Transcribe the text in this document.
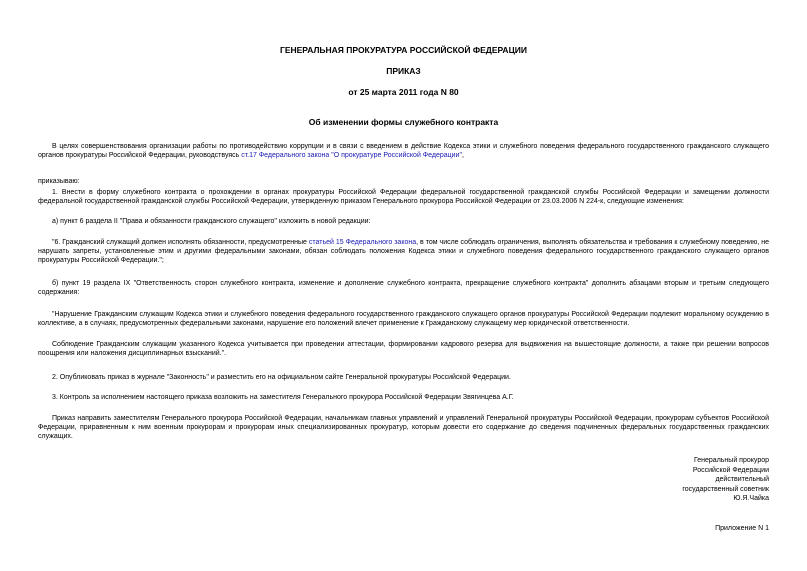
ГЕНЕРАЛЬНАЯ ПРОКУРАТУРА РОССИЙСКОЙ ФЕДЕРАЦИИ
ПРИКАЗ
от 25 марта 2011 года N 80
Об изменении формы служебного контракта

В целях совершенствования организации работы по противодействию коррупции и в связи с введением в действие Кодекса этики и служебного поведения федерального государственного гражданского служащего органов прокуратуры Российской Федерации, руководствуясь ст.17 Федерального закона "О прокуратуре Российской Федерации",

приказываю:

1. Внести в форму служебного контракта о прохождении в органах прокуратуры Российской Федерации федеральной государственной гражданской службы Российской Федерации и замещении должности федеральной государственной гражданской службы Российской Федерации, утвержденную приказом Генерального прокурора Российской Федерации от 23.03.2006 N 224-к, следующие изменения:

а) пункт 6 раздела II "Права и обязанности гражданского служащего" изложить в новой редакции:

"6. Гражданский служащий должен исполнять обязанности, предусмотренные статьей 15 Федерального закона, в том числе соблюдать ограничения, выполнять обязательства и требования к служебному поведению, не нарушать запреты, установленные этим и другими федеральными законами, обязан соблюдать положения Кодекса этики и служебного поведения федерального государственного гражданского служащего органов прокуратуры Российской Федерации.";

б) пункт 19 раздела IX "Ответственность сторон служебного контракта, изменение и дополнение служебного контракта, прекращение служебного контракта" дополнить абзацами вторым и третьим следующего содержания:

"Нарушение Гражданским служащим Кодекса этики и служебного поведения федерального государственного гражданского служащего органов прокуратуры Российской Федерации подлежит моральному осуждению в коллективе, а в случаях, предусмотренных федеральными законами, нарушение его положений влечет применение к Гражданскому служащему мер юридической ответственности.

Соблюдение Гражданским служащим указанного Кодекса учитывается при проведении аттестации, формировании кадрового резерва для выдвижения на вышестоящие должности, а также при решении вопросов поощрения или наложения дисциплинарных взысканий.".

2. Опубликовать приказ в журнале "Законность" и разместить его на официальном сайте Генеральной прокуратуры Российской Федерации.

3. Контроль за исполнением настоящего приказа возложить на заместителя Генерального прокурора Российской Федерации Звягинцева А.Г.

Приказ направить заместителям Генерального прокурора Российской Федерации, начальникам главных управлений и управлений Генеральной прокуратуры Российской Федерации, прокурорам субъектов Российской Федерации, приравненным к ним военным прокурорам и прокурорам иных специализированных прокуратур, которым довести его содержание до сведения подчиненных федеральных государственных гражданских служащих.

Генеральный прокурор
Российской Федерации
действительный
государственный советник
Ю.Я.Чайка
Приложение N 1
